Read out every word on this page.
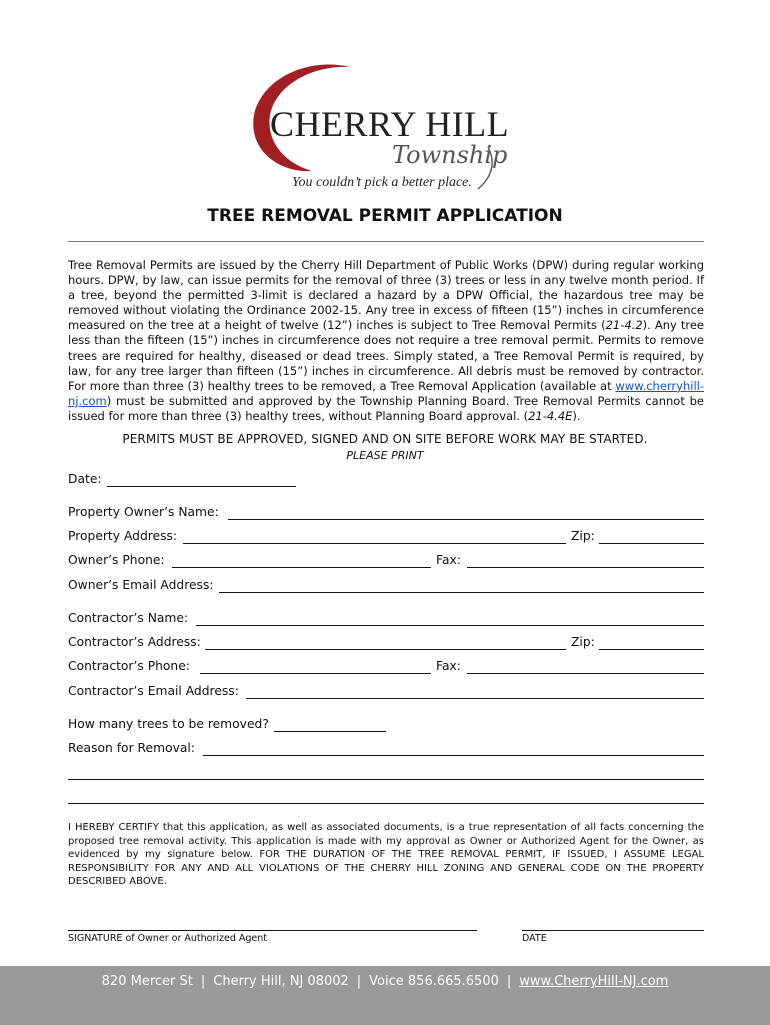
CHERRY HILL
Township
You couldn’t pick a better place.
TREE REMOVAL PERMIT APPLICATION

Tree Removal Permits are issued by the Cherry Hill Department of Public Works (DPW) during regular working hours. DPW, by law, can issue permits for the removal of three (3) trees or less in any twelve month period. If a tree, beyond the permitted 3-limit is declared a hazard by a DPW Official, the hazardous tree may be removed without violating the Ordinance 2002-15. Any tree in excess of fifteen (15”) inches in circumference measured on the tree at a height of twelve (12”) inches is subject to Tree Removal Permits (21-4.2). Any tree less than the fifteen (15”) inches in circumference does not require a tree removal permit. Permits to remove trees are required for healthy, diseased or dead trees. Simply stated, a Tree Removal Permit is required, by law, for any tree larger than fifteen (15”) inches in circumference. All debris must be removed by contractor. For more than three (3) healthy trees to be removed, a Tree Removal Application (available at www.cherryhill-nj.com) must be submitted and approved by the Township Planning Board. Tree Removal Permits cannot be issued for more than three (3) healthy trees, without Planning Board approval. (21-4.4E).

PERMITS MUST BE APPROVED, SIGNED AND ON SITE BEFORE WORK MAY BE STARTED.
PLEASE PRINT
Date:
Property Owner’s Name:
Property Address:	Zip:
Owner’s Phone:	Fax:
Owner’s Email Address:
Contractor’s Name:
Contractor’s Address:	Zip:
Contractor’s Phone:	Fax:
Contractor’s Email Address:
How many trees to be removed?
Reason for Removal:

I HEREBY CERTIFY that this application, as well as associated documents, is a true representation of all facts concerning the proposed tree removal activity. This application is made with my approval as Owner or Authorized Agent for the Owner, as evidenced by my signature below. FOR THE DURATION OF THE TREE REMOVAL PERMIT, IF ISSUED, I ASSUME LEGAL RESPONSIBILITY FOR ANY AND ALL VIOLATIONS OF THE CHERRY HILL ZONING AND GENERAL CODE ON THE PROPERTY DESCRIBED ABOVE.

SIGNATURE of Owner or Authorized Agent	DATE
820 Mercer St | Cherry Hill, NJ 08002 | Voice 856.665.6500 | www.CherryHill-NJ.com
